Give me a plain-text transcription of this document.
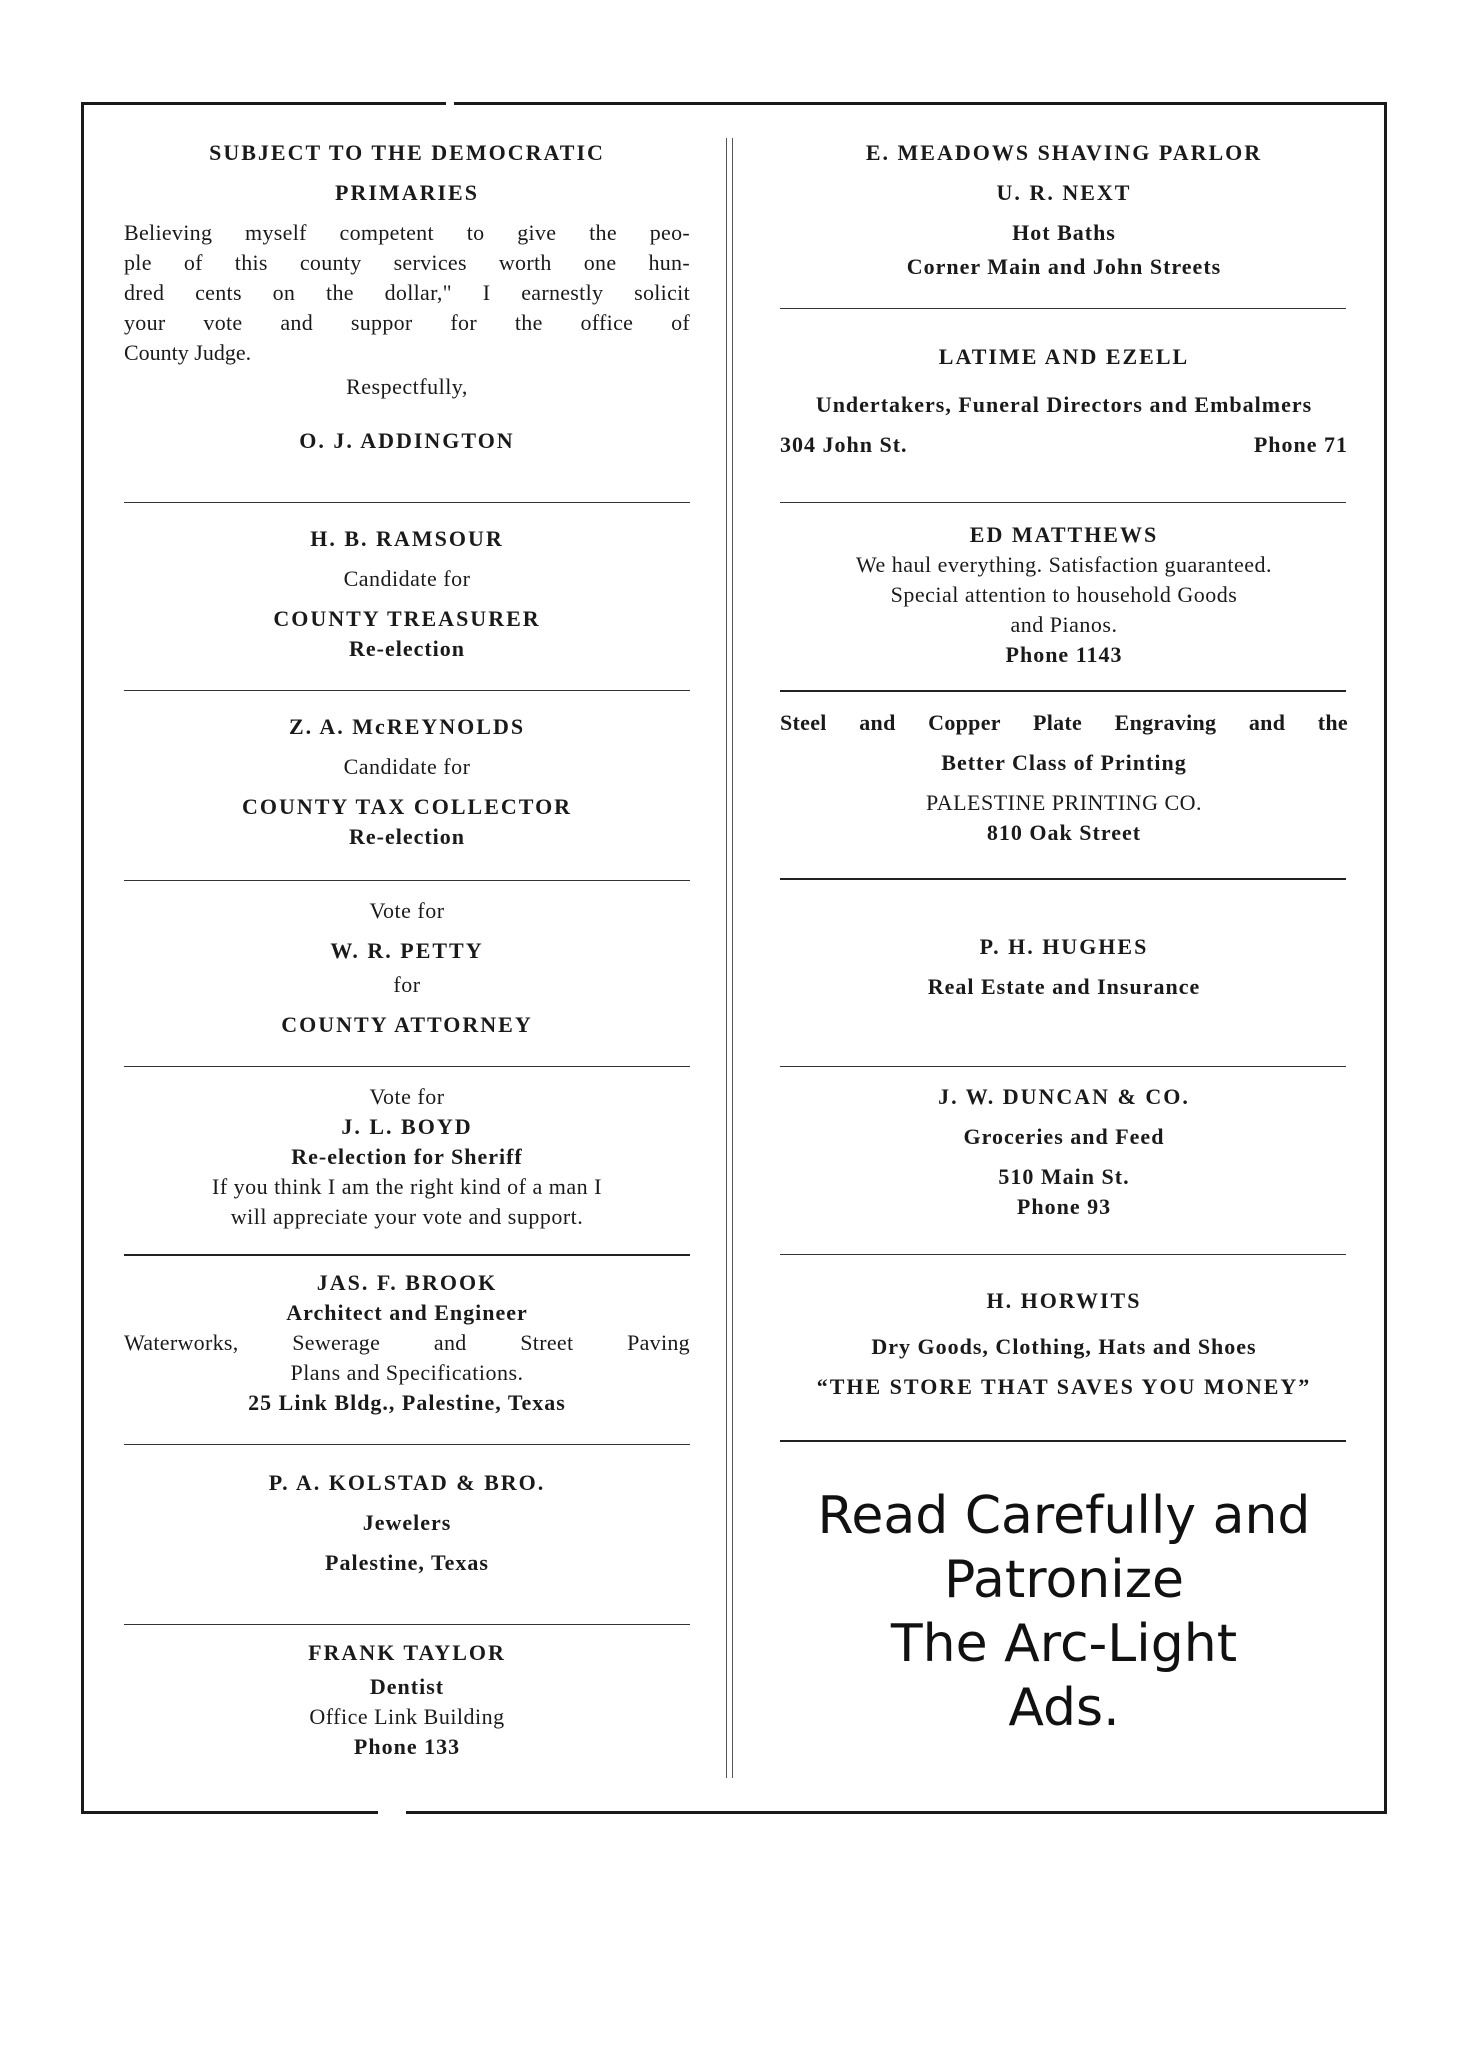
SUBJECT TO THE DEMOCRATIC
PRIMARIES
Believing myself competent to give the peo-
ple of this county services worth one hun-
dred cents on the dollar," I earnestly solicit
your vote and suppor for the office of
County Judge.
Respectfully,
O. J. ADDINGTON
H. B. RAMSOUR
Candidate for
COUNTY TREASURER
Re-election
Z. A. McREYNOLDS
Candidate for
COUNTY TAX COLLECTOR
Re-election
Vote for
W. R. PETTY
for
COUNTY ATTORNEY
Vote for
J. L. BOYD
Re-election for Sheriff
If you think I am the right kind of a man I
will appreciate your vote and support.
JAS. F. BROOK
Architect and Engineer
Waterworks, Sewerage and Street Paving
Plans and Specifications.
25 Link Bldg., Palestine, Texas
P. A. KOLSTAD & BRO.
Jewelers
Palestine, Texas
FRANK TAYLOR
Dentist
Office Link Building
Phone 133
E. MEADOWS SHAVING PARLOR
U. R. NEXT
Hot Baths
Corner Main and John Streets
LATIME AND EZELL
Undertakers, Funeral Directors and Embalmers
304 John St.	Phone 71
ED MATTHEWS
We haul everything. Satisfaction guaranteed.
Special attention to household Goods
and Pianos.
Phone 1143
Steel and Copper Plate Engraving and the
Better Class of Printing
PALESTINE PRINTING CO.
810 Oak Street
P. H. HUGHES
Real Estate and Insurance
J. W. DUNCAN & CO.
Groceries and Feed
510 Main St.
Phone 93
H. HORWITS
Dry Goods, Clothing, Hats and Shoes
“THE STORE THAT SAVES YOU MONEY”
Read Carefully and
Patronize
The Arc-Light
Ads.
